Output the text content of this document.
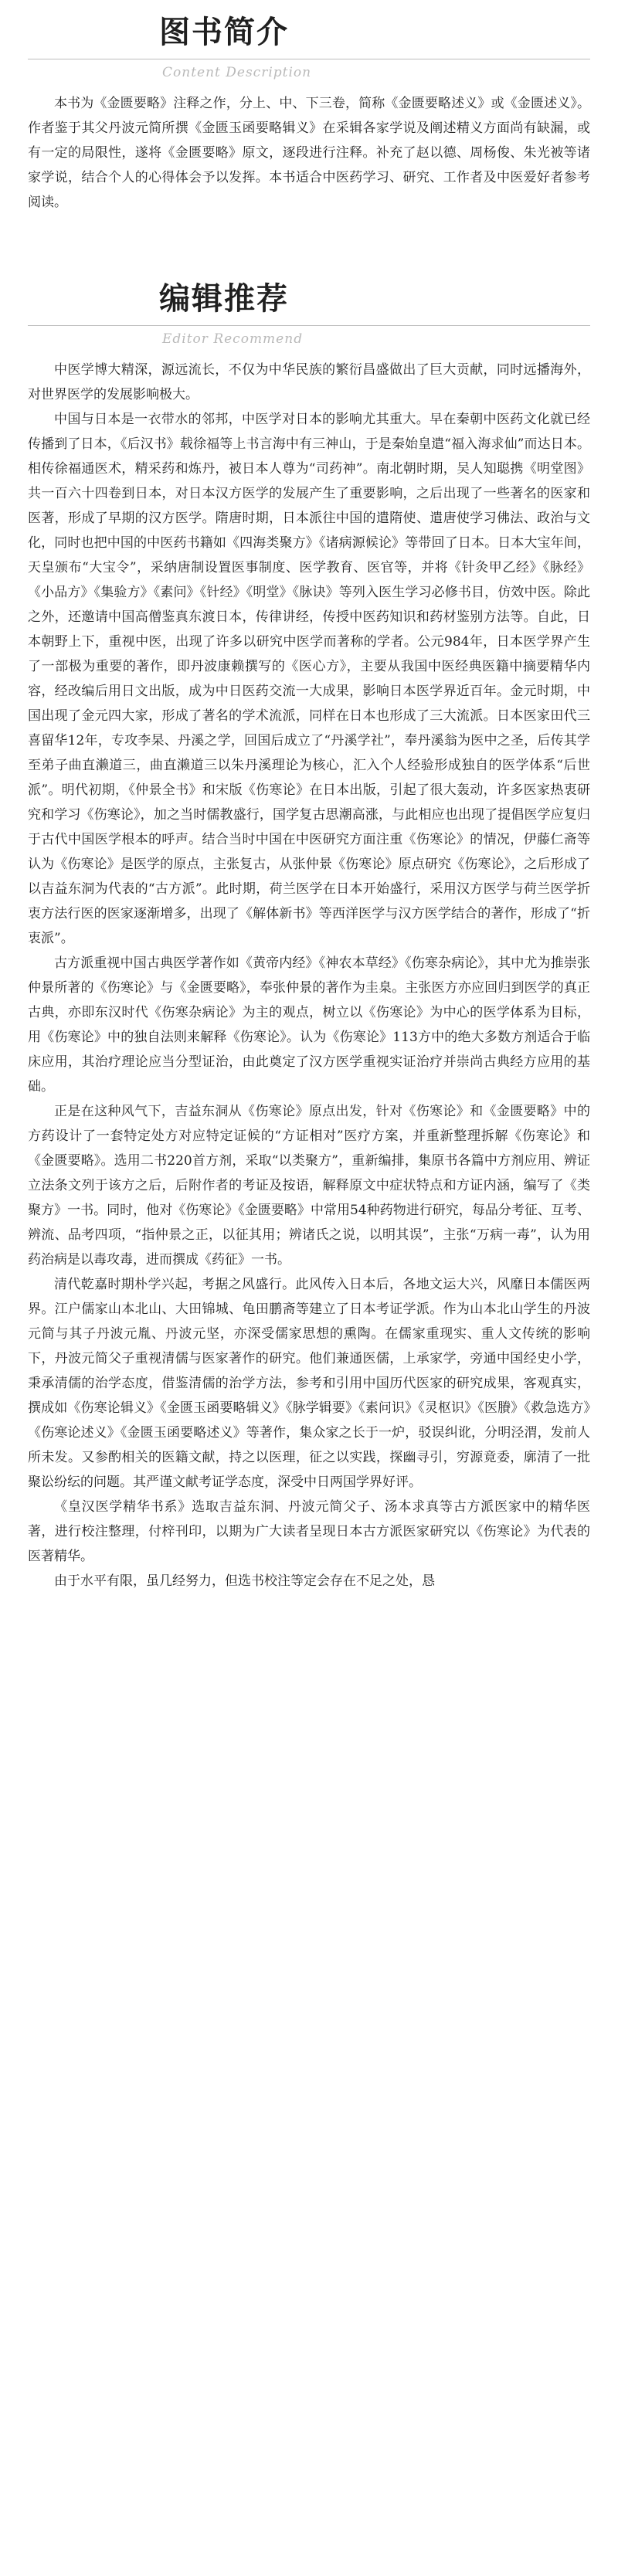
图书简介
Content Description

本书为《金匮要略》注释之作，分上、中、下三卷，简称《金匮要略述义》或《金匮述义》。作者鉴于其父丹波元简所撰《金匮玉函要略辑义》在采辑各家学说及阐述精义方面尚有缺漏，或有一定的局限性，遂将《金匮要略》原文，逐段进行注释。补充了赵以德、周杨俊、朱光被等诸家学说，结合个人的心得体会予以发挥。本书适合中医药学习、研究、工作者及中医爱好者参考阅读。

编辑推荐
Editor Recommend

中医学博大精深，源远流长，不仅为中华民族的繁衍昌盛做出了巨大贡献，同时远播海外，对世界医学的发展影响极大。

中国与日本是一衣带水的邻邦，中医学对日本的影响尤其重大。早在秦朝中医药文化就已经传播到了日本，《后汉书》载徐福等上书言海中有三神山，于是秦始皇遣“福入海求仙”而达日本。相传徐福通医术，精采药和炼丹，被日本人尊为“司药神”。南北朝时期，吴人知聪携《明堂图》共一百六十四卷到日本，对日本汉方医学的发展产生了重要影响，之后出现了一些著名的医家和医著，形成了早期的汉方医学。隋唐时期，日本派往中国的遣隋使、遣唐使学习佛法、政治与文化，同时也把中国的中医药书籍如《四海类聚方》《诸病源候论》等带回了日本。日本大宝年间，天皇颁布“大宝令”，采纳唐制设置医事制度、医学教育、医官等，并将《针灸甲乙经》《脉经》《小品方》《集验方》《素问》《针经》《明堂》《脉诀》等列入医生学习必修书目，仿效中医。除此之外，还邀请中国高僧鉴真东渡日本，传律讲经，传授中医药知识和药材鉴别方法等。自此，日本朝野上下，重视中医，出现了许多以研究中医学而著称的学者。公元984年，日本医学界产生了一部极为重要的著作，即丹波康赖撰写的《医心方》，主要从我国中医经典医籍中摘要精华内容，经改编后用日文出版，成为中日医药交流一大成果，影响日本医学界近百年。金元时期，中国出现了金元四大家，形成了著名的学术流派，同样在日本也形成了三大流派。日本医家田代三喜留华12年，专攻李杲、丹溪之学，回国后成立了“丹溪学社”，奉丹溪翁为医中之圣，后传其学至弟子曲直濑道三，曲直濑道三以朱丹溪理论为核心，汇入个人经验形成独自的医学体系“后世派”。明代初期，《仲景全书》和宋版《伤寒论》在日本出版，引起了很大轰动，许多医家热衷研究和学习《伤寒论》，加之当时儒教盛行，国学复古思潮高涨，与此相应也出现了提倡医学应复归于古代中国医学根本的呼声。结合当时中国在中医研究方面注重《伤寒论》的情况，伊藤仁斋等认为《伤寒论》是医学的原点，主张复古，从张仲景《伤寒论》原点研究《伤寒论》，之后形成了以吉益东洞为代表的“古方派”。此时期，荷兰医学在日本开始盛行，采用汉方医学与荷兰医学折衷方法行医的医家逐渐增多，出现了《解体新书》等西洋医学与汉方医学结合的著作，形成了“折衷派”。

古方派重视中国古典医学著作如《黄帝内经》《神农本草经》《伤寒杂病论》，其中尤为推崇张仲景所著的《伤寒论》与《金匮要略》，奉张仲景的著作为圭臬。主张医方亦应回归到医学的真正古典，亦即东汉时代《伤寒杂病论》为主的观点，树立以《伤寒论》为中心的医学体系为目标，用《伤寒论》中的独自法则来解释《伤寒论》。认为《伤寒论》113方中的绝大多数方剂适合于临床应用，其治疗理论应当分型证治，由此奠定了汉方医学重视实证治疗并崇尚古典经方应用的基础。

正是在这种风气下，吉益东洞从《伤寒论》原点出发，针对《伤寒论》和《金匮要略》中的方药设计了一套特定处方对应特定证候的“方证相对”医疗方案，并重新整理拆解《伤寒论》和《金匮要略》。选用二书220首方剂，采取“以类聚方”，重新编排，集原书各篇中方剂应用、辨证立法条文列于该方之后，后附作者的考证及按语，解释原文中症状特点和方证内涵，编写了《类聚方》一书。同时，他对《伤寒论》《金匮要略》中常用54种药物进行研究，每品分考征、互考、辨流、品考四项，“指仲景之正，以征其用；辨诸氏之说，以明其误”，主张“万病一毒”，认为用药治病是以毒攻毒，进而撰成《药征》一书。

清代乾嘉时期朴学兴起，考据之风盛行。此风传入日本后，各地文运大兴，风靡日本儒医两界。江户儒家山本北山、大田锦城、龟田鹏斋等建立了日本考证学派。作为山本北山学生的丹波元简与其子丹波元胤、丹波元坚，亦深受儒家思想的熏陶。在儒家重现实、重人文传统的影响下，丹波元简父子重视清儒与医家著作的研究。他们兼通医儒，上承家学，旁通中国经史小学，秉承清儒的治学态度，借鉴清儒的治学方法，参考和引用中国历代医家的研究成果，客观真实，撰成如《伤寒论辑义》《金匮玉函要略辑义》《脉学辑要》《素问识》《灵枢识》《医賸》《救急选方》《伤寒论述义》《金匮玉函要略述义》等著作，集众家之长于一炉，驳误纠讹，分明泾渭，发前人所未发。又参酌相关的医籍文献，持之以医理，征之以实践，探幽寻引，穷源竟委，廓清了一批聚讼纷纭的问题。其严谨文献考证学态度，深受中日两国学界好评。

《皇汉医学精华书系》选取吉益东洞、丹波元简父子、汤本求真等古方派医家中的精华医著，进行校注整理，付梓刊印，以期为广大读者呈现日本古方派医家研究以《伤寒论》为代表的医著精华。

由于水平有限，虽几经努力，但选书校注等定会存在不足之处，恳
